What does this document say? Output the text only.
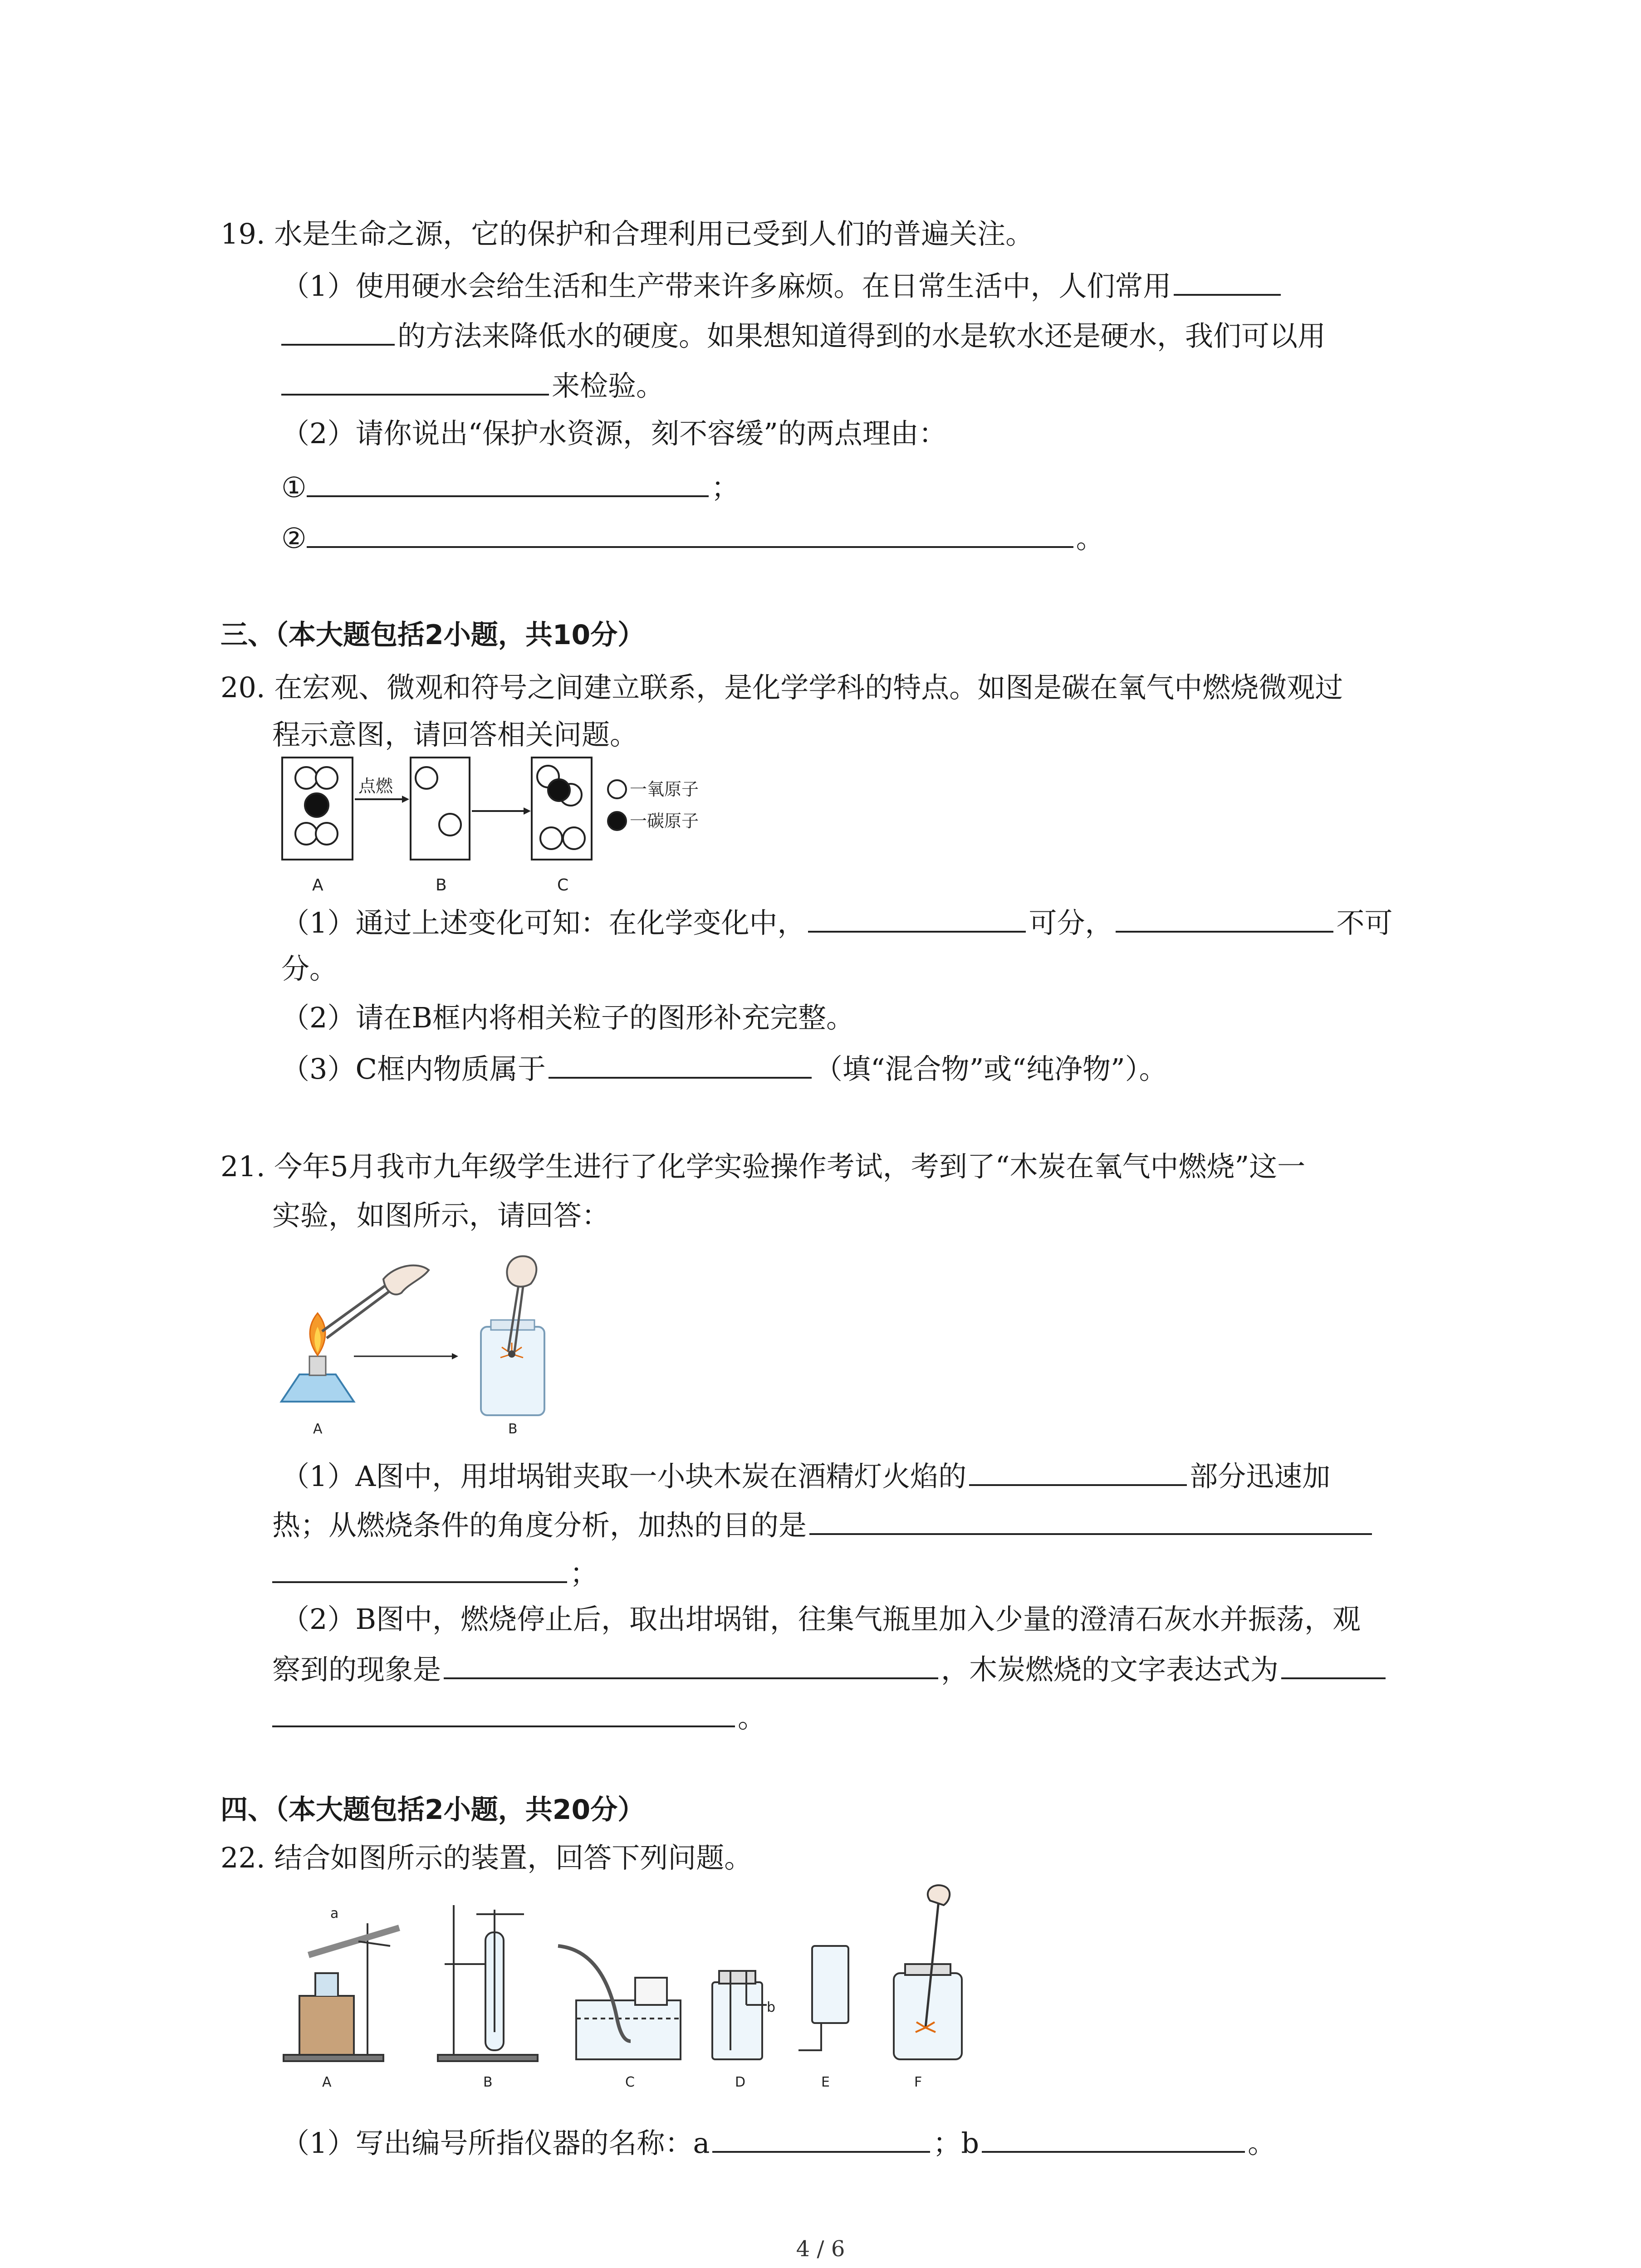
19. 水是生命之源，它的保护和合理利用已受到人们的普遍关注。
（1）使用硬水会给生活和生产带来许多麻烦。在日常生活中，人们常用
的方法来降低水的硬度。如果想知道得到的水是软水还是硬水，我们可以用
来检验。
（2）请你说出“保护水资源，刻不容缓”的两点理由：
①	；
②	。
三、（本大题包括2小题，共10分）
20. 在宏观、微观和符号之间建立联系，是化学学科的特点。如图是碳在氧气中燃烧微观过
程示意图，请回答相关问题。
点燃	一氧原子
一碳原子
A	B	C
（1）通过上述变化可知：在化学变化中，	可分，	不可
分。
（2）请在B框内将相关粒子的图形补充完整。
（3）C框内物质属于	（填“混合物”或“纯净物”）。
21. 今年5月我市九年级学生进行了化学实验操作考试，考到了“木炭在氧气中燃烧”这一
实验，如图所示，请回答：
A	B
（1）A图中，用坩埚钳夹取一小块木炭在酒精灯火焰的	部分迅速加
热；从燃烧条件的角度分析，加热的目的是
；
（2）B图中，燃烧停止后，取出坩埚钳，往集气瓶里加入少量的澄清石灰水并振荡，观
察到的现象是	，木炭燃烧的文字表达式为
。
四、（本大题包括2小题，共20分）
22. 结合如图所示的装置，回答下列问题。
a
b
A	B	C	D	E	F
（1）写出编号所指仪器的名称：a	；b	。
4 / 6
